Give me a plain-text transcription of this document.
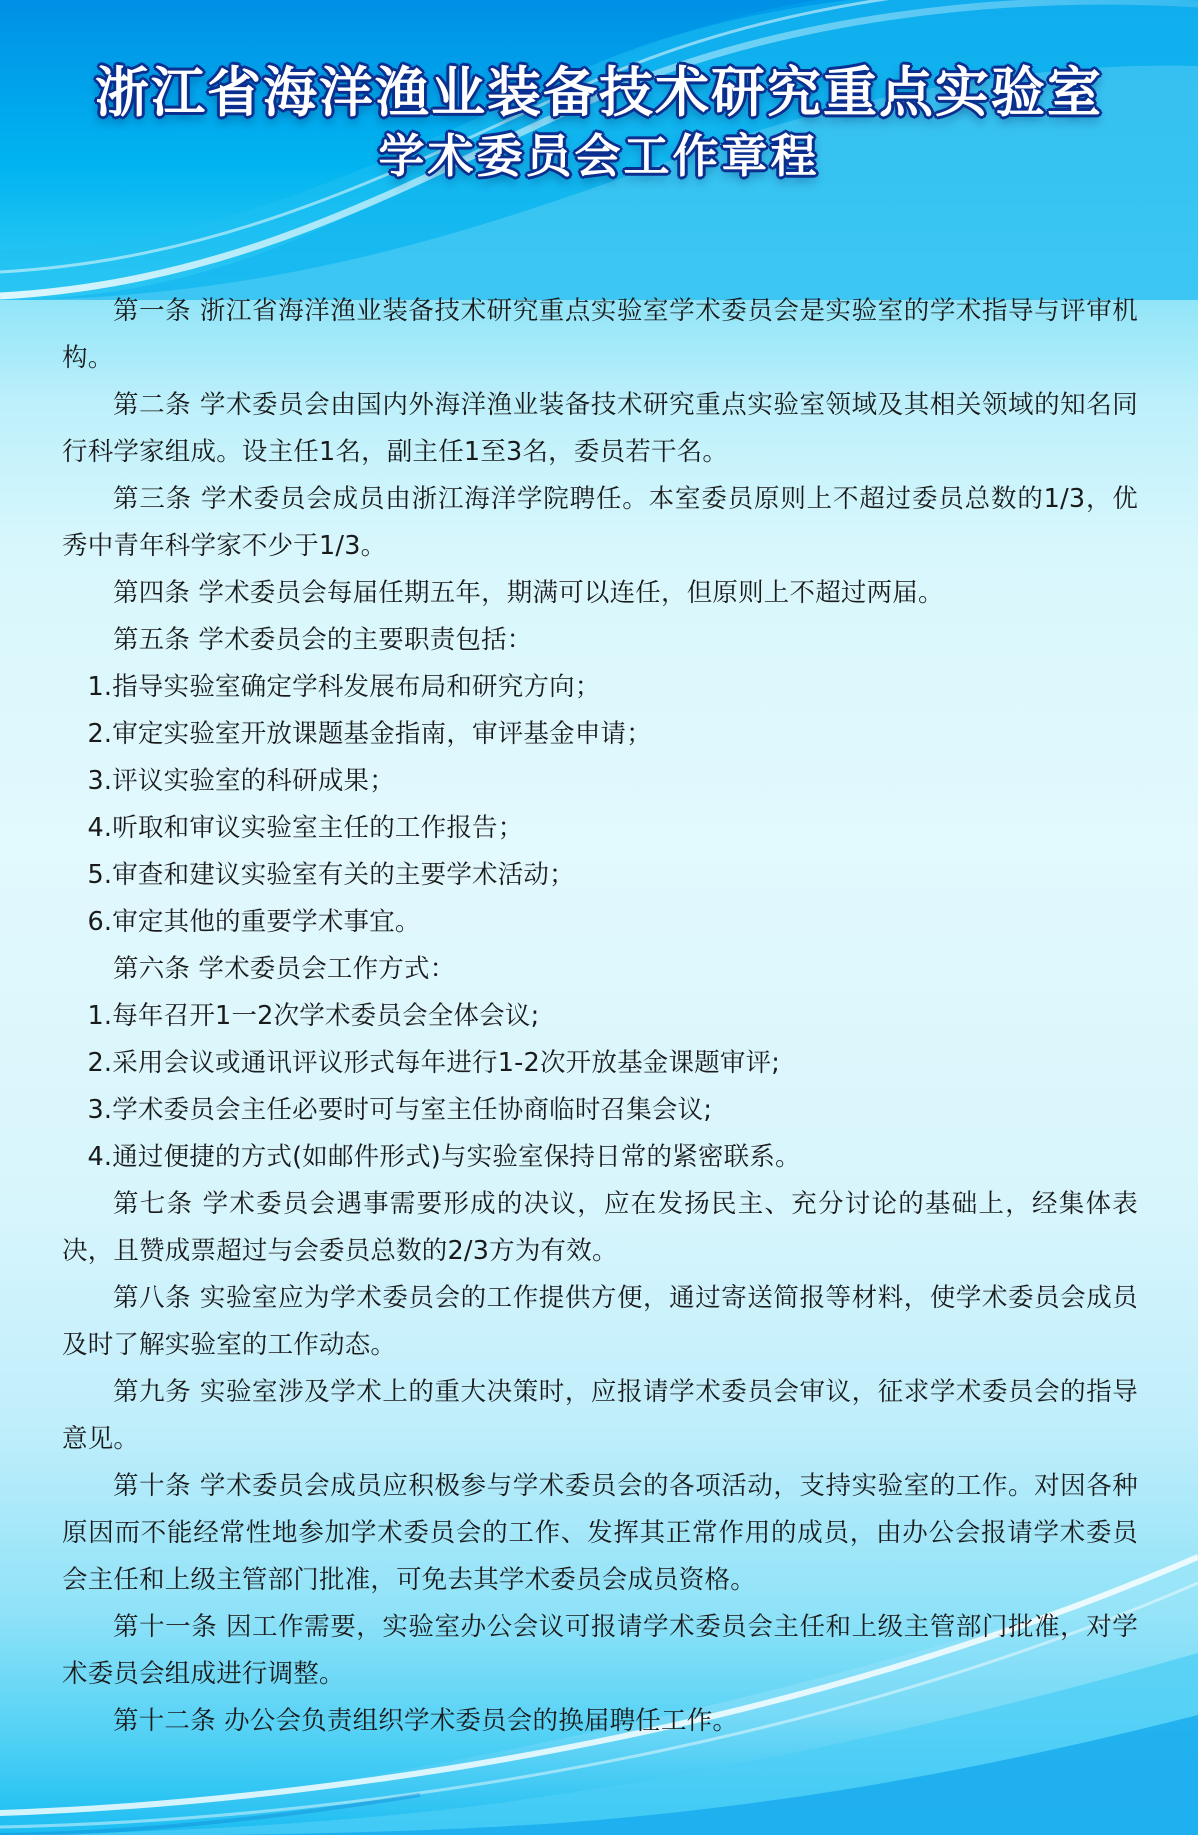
浙江省海洋渔业装备技术研究重点实验室
学术委员会工作章程

第一条 浙江省海洋渔业装备技术研究重点实验室学术委员会是实验室的学术指导与评审机构。

第二条 学术委员会由国内外海洋渔业装备技术研究重点实验室领域及其相关领域的知名同行科学家组成。设主任1名，副主任1至3名，委员若干名。

第三条 学术委员会成员由浙江海洋学院聘任。本室委员原则上不超过委员总数的1/3，优秀中青年科学家不少于1/3。

第四条 学术委员会每届任期五年，期满可以连任，但原则上不超过两届。

第五条 学术委员会的主要职责包括：

1.指导实验室确定学科发展布局和研究方向；

2.审定实验室开放课题基金指南，审评基金申请；

3.评议实验室的科研成果；

4.听取和审议实验室主任的工作报告；

5.审查和建议实验室有关的主要学术活动；

6.审定其他的重要学术事宜。

第六条 学术委员会工作方式：

1.每年召开1一2次学术委员会全体会议;

2.采用会议或通讯评议形式每年进行1-2次开放基金课题审评;

3.学术委员会主任必要时可与室主任协商临时召集会议;

4.通过便捷的方式(如邮件形式)与实验室保持日常的紧密联系。

第七条 学术委员会遇事需要形成的决议，应在发扬民主、充分讨论的基础上，经集体表决，且赞成票超过与会委员总数的2/3方为有效。

第八条 实验室应为学术委员会的工作提供方便，通过寄送简报等材料，使学术委员会成员及时了解实验室的工作动态。

第九务 实验室涉及学术上的重大决策时，应报请学术委员会审议，征求学术委员会的指导意见。

第十条 学术委员会成员应积极参与学术委员会的各项活动，支持实验室的工作。对因各种原因而不能经常性地参加学术委员会的工作、发挥其正常作用的成员，由办公会报请学术委员会主任和上级主管部门批准，可免去其学术委员会成员资格。

第十一条 因工作需要，实验室办公会议可报请学术委员会主任和上级主管部门批准，对学术委员会组成进行调整。

第十二条 办公会负责组织学术委员会的换届聘任工作。
